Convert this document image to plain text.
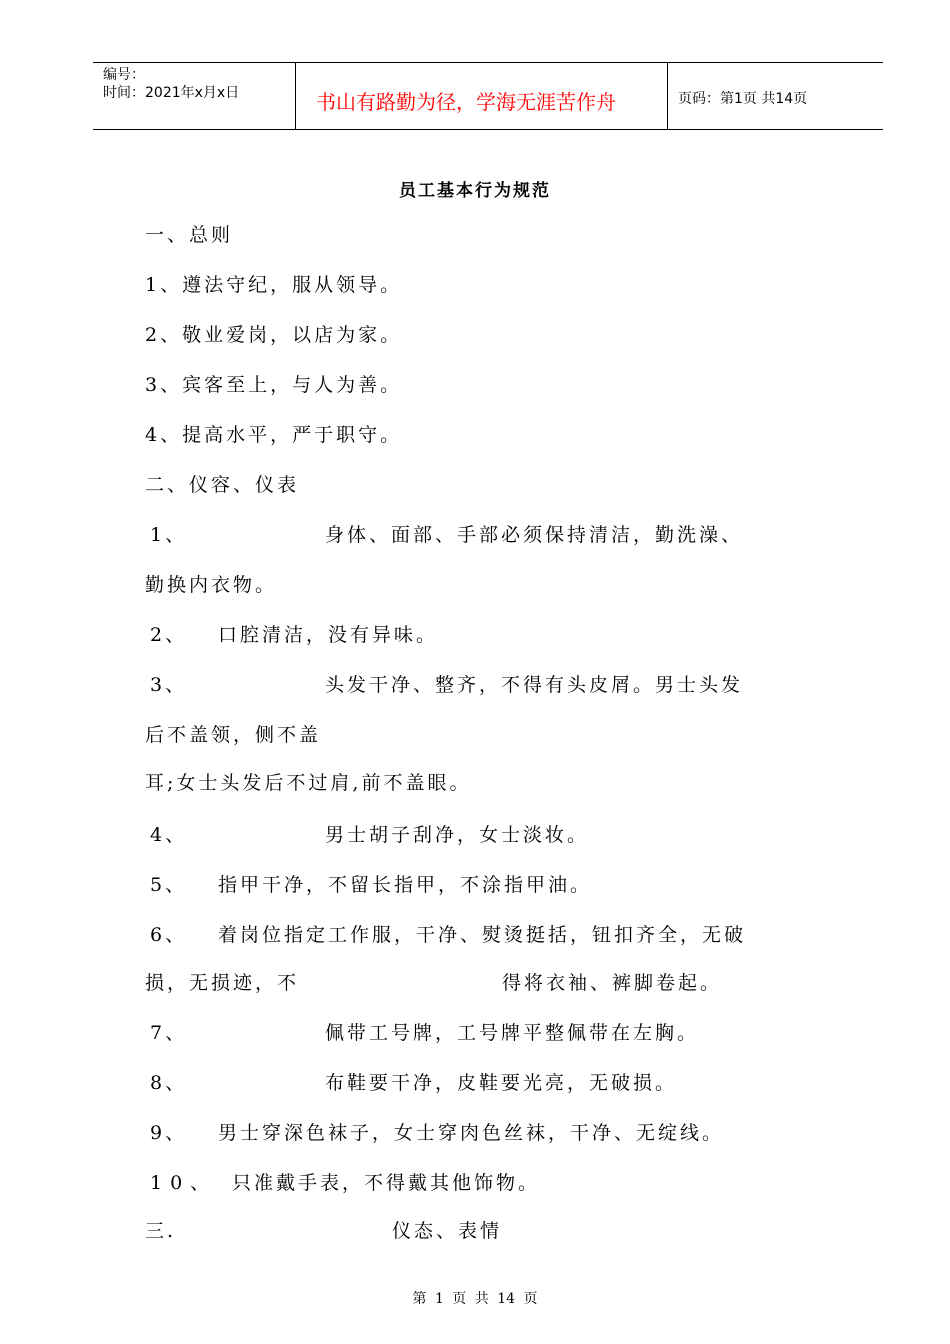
编号：
时间：2021年x月x日	书山有路勤为径，学海无涯苦作舟	页码：第1页 共14页
员工基本行为规范
一、总则
1、遵法守纪，服从领导。
2、敬业爱岗，以店为家。
3、宾客至上，与人为善。
4、提高水平，严于职守。
二、仪容、仪表
1、	身体、面部、手部必须保持清洁，勤洗澡、
勤换内衣物。
2、 口腔清洁，没有异味。
3、	头发干净、整齐，不得有头皮屑。男士头发
后不盖领，侧不盖
耳;女士头发后不过肩,前不盖眼。
4、	男士胡子刮净，女士淡妆。
5、 指甲干净，不留长指甲，不涂指甲油。
6、 着岗位指定工作服，干净、熨烫挺括，钮扣齐全，无破
损，无损迹，不	得将衣袖、裤脚卷起。
7、	佩带工号牌，工号牌平整佩带在左胸。
8、	布鞋要干净，皮鞋要光亮，无破损。
9、 男士穿深色袜子，女士穿肉色丝袜，干净、无绽线。
10、 只准戴手表，不得戴其他饰物。
三.	仪态、表情
第 1 页 共 14 页
